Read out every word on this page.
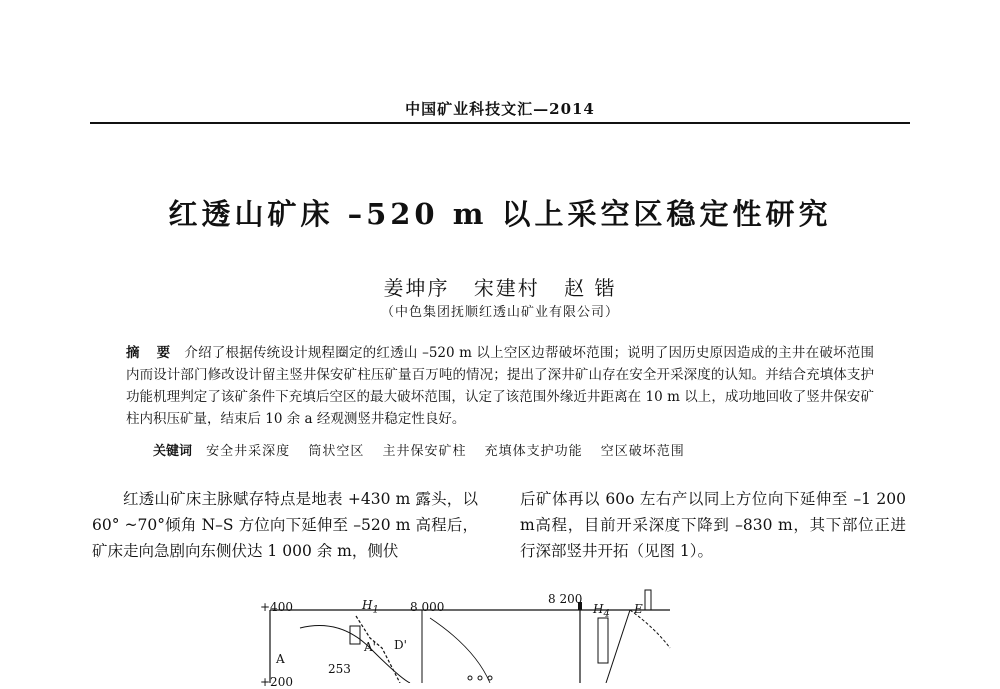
中国矿业科技文汇—2014
红透山矿床 –520 m 以上采空区稳定性研究
姜坤序 宋建村 赵 锴
（中色集团抚顺红透山矿业有限公司）
摘 要 介绍了根据传统设计规程圈定的红透山 –520 m 以上空区边帮破坏范围；说明了因历史原因造成的主井在破坏范围内而设计部门修改设计留主竖井保安矿柱压矿量百万吨的情况；提出了深井矿山存在安全开采深度的认知。并结合充填体支护功能机理判定了该矿条件下充填后空区的最大破坏范围，认定了该范围外缘近井距离在 10 m 以上，成功地回收了竖井保安矿柱内积压矿量，结束后 10 余 a 经观测竖井稳定性良好。
关键词 安全井采深度 筒状空区 主井保安矿柱 充填体支护功能 空区破坏范围
红透山矿床主脉赋存特点是地表 +430 m 露头，以 60° ~70°倾角 N–S 方位向下延伸至 –520 m 高程后，矿床走向急剧向东侧伏达 1 000 余 m，侧伏
后矿体再以 60o 左右产以同上方位向下延伸至 –1 200 m高程，目前开采深度下降到 –830 m，其下部位正进行深部竖井开拓（见图 1）。
+400	$H_1$	8 000
A
A' D'
253
+200
8 200
$H_4$ E
